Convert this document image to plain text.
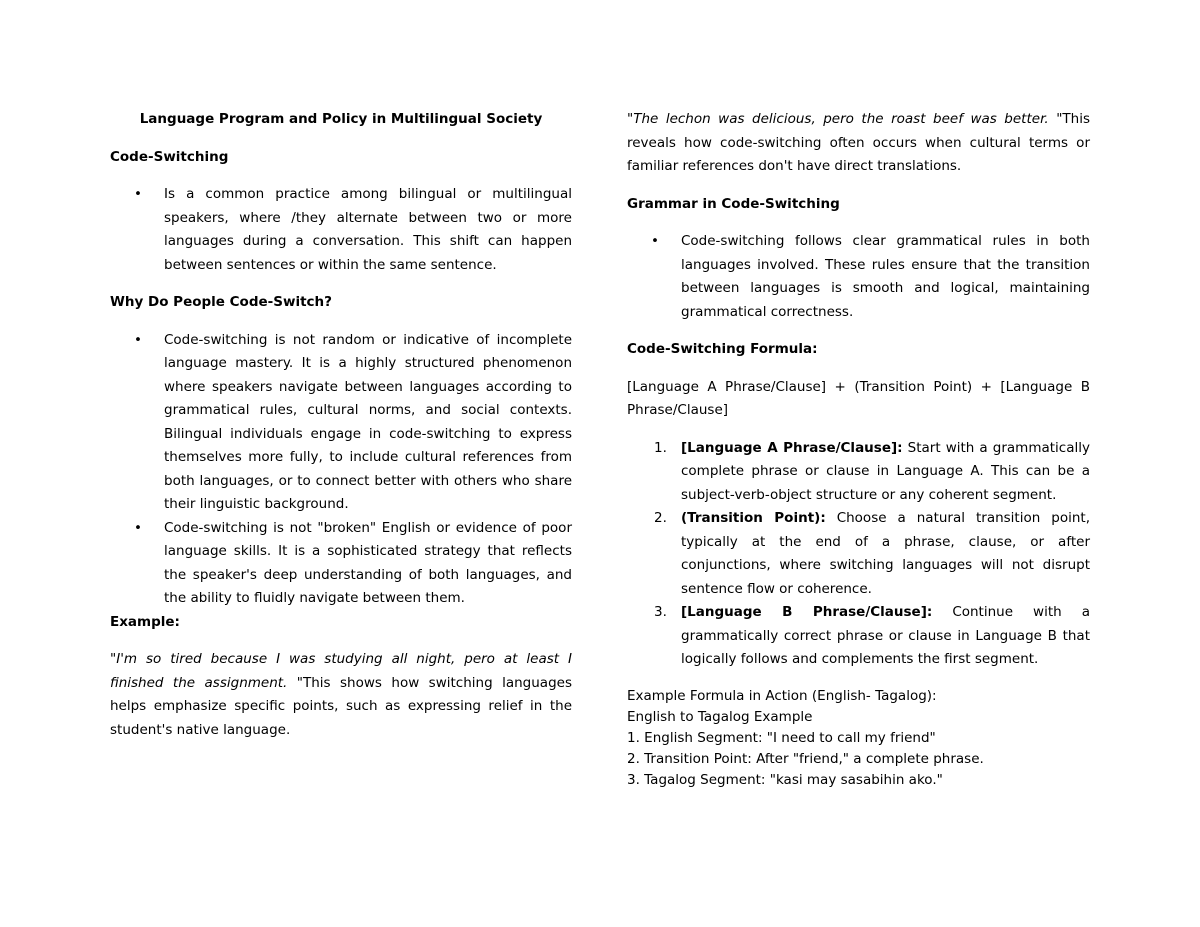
Language Program and Policy in Multilingual Society

Code-Switching

• Is a common practice among bilingual or multilingual speakers, where /they alternate between two or more languages during a conversation. This shift can happen between sentences or within the same sentence.

Why Do People Code-Switch?

• Code-switching is not random or indicative of incomplete language mastery. It is a highly structured phenomenon where speakers navigate between languages according to grammatical rules, cultural norms, and social contexts. Bilingual individuals engage in code-switching to express themselves more fully, to include cultural references from both languages, or to connect better with others who share their linguistic background.
• Code-switching is not "broken" English or evidence of poor language skills. It is a sophisticated strategy that reflects the speaker's deep understanding of both languages, and the ability to fluidly navigate between them.

Example:

"I'm so tired because I was studying all night, pero at least I finished the assignment. "This shows how switching languages helps emphasize specific points, such as expressing relief in the student's native language.

"The lechon was delicious, pero the roast beef was better. "This reveals how code-switching often occurs when cultural terms or familiar references don't have direct translations.

Grammar in Code-Switching

• Code-switching follows clear grammatical rules in both languages involved. These rules ensure that the transition between languages is smooth and logical, maintaining grammatical correctness.

Code-Switching Formula:

[Language A Phrase/Clause] + (Transition Point) + [Language B Phrase/Clause]

1. [Language A Phrase/Clause]: Start with a grammatically complete phrase or clause in Language A. This can be a subject-verb-object structure or any coherent segment.
2. (Transition Point): Choose a natural transition point, typically at the end of a phrase, clause, or after conjunctions, where switching languages will not disrupt sentence flow or coherence.
3. [Language B Phrase/Clause]: Continue with a grammatically correct phrase or clause in Language B that logically follows and complements the first segment.

Example Formula in Action (English- Tagalog):

English to Tagalog Example

1. English Segment: "I need to call my friend"

2. Transition Point: After "friend," a complete phrase.

3. Tagalog Segment: "kasi may sasabihin ako."
